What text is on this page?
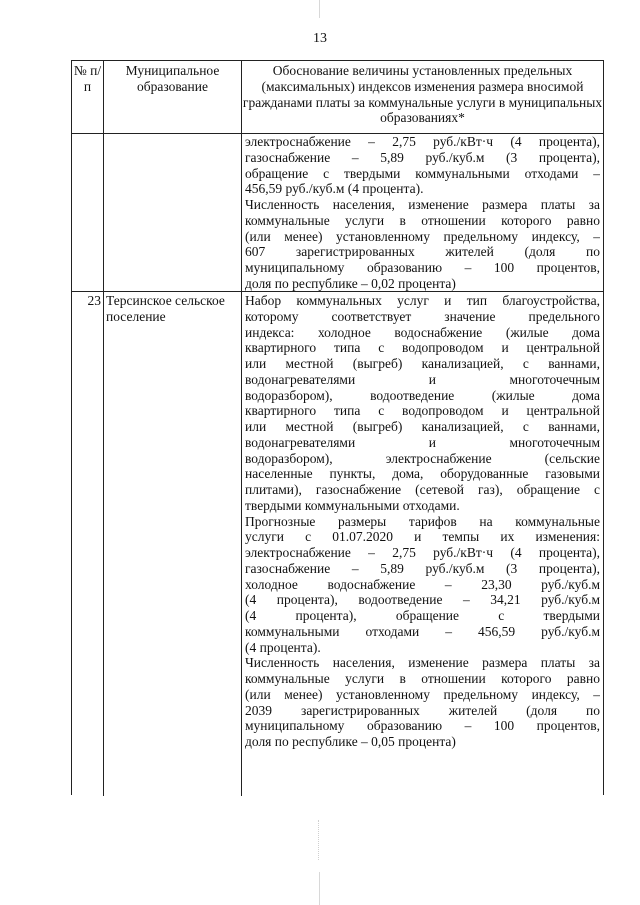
13
№ п/п
Муниципальное образование
Обоснование величины установленных предельных (максимальных) индексов изменения размера вносимой гражданами платы за коммунальные услуги в муниципальных образованиях*
электроснабжение – 2,75 руб./кВт·ч (4 процента),
газоснабжение – 5,89 руб./куб.м (3 процента),
обращение с твердыми коммунальными отходами –
456,59 руб./куб.м (4 процента).
Численность населения, изменение размера платы за
коммунальные услуги в отношении которого равно
(или менее) установленному предельному индексу, –
607 зарегистрированных жителей (доля по
муниципальному образованию – 100 процентов,
доля по республике – 0,02 процента)
23 Терсинское сельское поселение
Набор коммунальных услуг и тип благоустройства,
которому соответствует значение предельного
индекса: холодное водоснабжение (жилые дома
квартирного типа с водопроводом и центральной
или местной (выгреб) канализацией, с ваннами,
водонагревателями и многоточечным
водоразбором), водоотведение (жилые дома
квартирного типа с водопроводом и центральной
или местной (выгреб) канализацией, с ваннами,
водонагревателями и многоточечным
водоразбором), электроснабжение (сельские
населенные пункты, дома, оборудованные газовыми
плитами), газоснабжение (сетевой газ), обращение с
твердыми коммунальными отходами.
Прогнозные размеры тарифов на коммунальные
услуги с 01.07.2020 и темпы их изменения:
электроснабжение – 2,75 руб./кВт·ч (4 процента),
газоснабжение – 5,89 руб./куб.м (3 процента),
холодное водоснабжение – 23,30 руб./куб.м
(4 процента), водоотведение – 34,21 руб./куб.м
(4 процента), обращение с твердыми
коммунальными отходами – 456,59 руб./куб.м
(4 процента).
Численность населения, изменение размера платы за
коммунальные услуги в отношении которого равно
(или менее) установленному предельному индексу, –
2039 зарегистрированных жителей (доля по
муниципальному образованию – 100 процентов,
доля по республике – 0,05 процента)
